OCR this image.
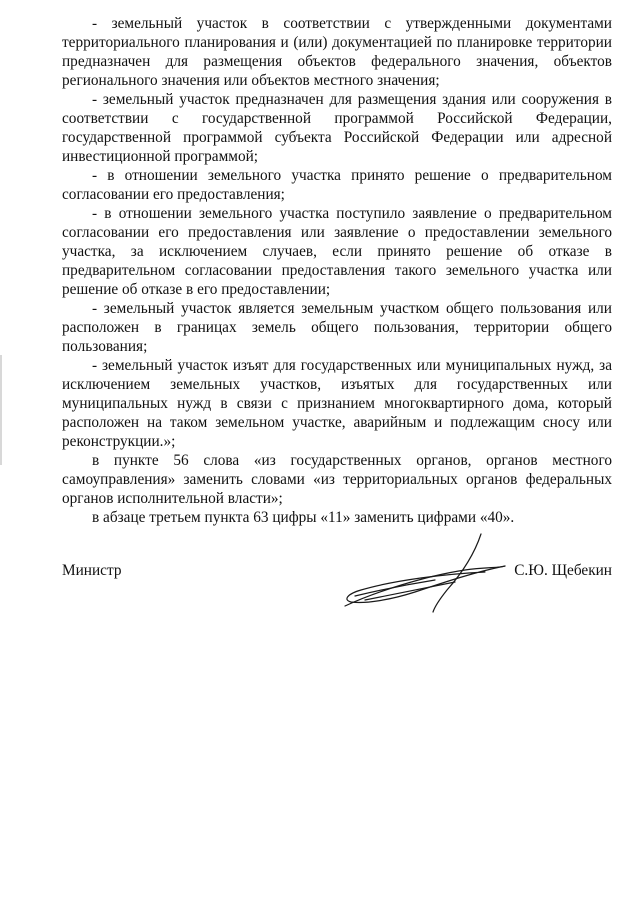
- земельный участок в соответствии с утвержденными документами территориального планирования и (или) документацией по планировке территории предназначен для размещения объектов федерального значения, объектов регионального значения или объектов местного значения;

- земельный участок предназначен для размещения здания или сооружения в соответствии с государственной программой Российской Федерации, государственной программой субъекта Российской Федерации или адресной инвестиционной программой;

- в отношении земельного участка принято решение о предварительном согласовании его предоставления;

- в отношении земельного участка поступило заявление о предварительном согласовании его предоставления или заявление о предоставлении земельного участка, за исключением случаев, если принято решение об отказе в предварительном согласовании предоставления такого земельного участка или решение об отказе в его предоставлении;

- земельный участок является земельным участком общего пользования или расположен в границах земель общего пользования, территории общего пользования;

- земельный участок изъят для государственных или муниципальных нужд, за исключением земельных участков, изъятых для государственных или муниципальных нужд в связи с признанием многоквартирного дома, который расположен на таком земельном участке, аварийным и подлежащим сносу или реконструкции.»;

в пункте 56 слова «из государственных органов, органов местного самоуправления» заменить словами «из территориальных органов федеральных органов исполнительной власти»;

в абзаце третьем пункта 63 цифры «11» заменить цифрами «40».

Министр	С.Ю. Щебекин
